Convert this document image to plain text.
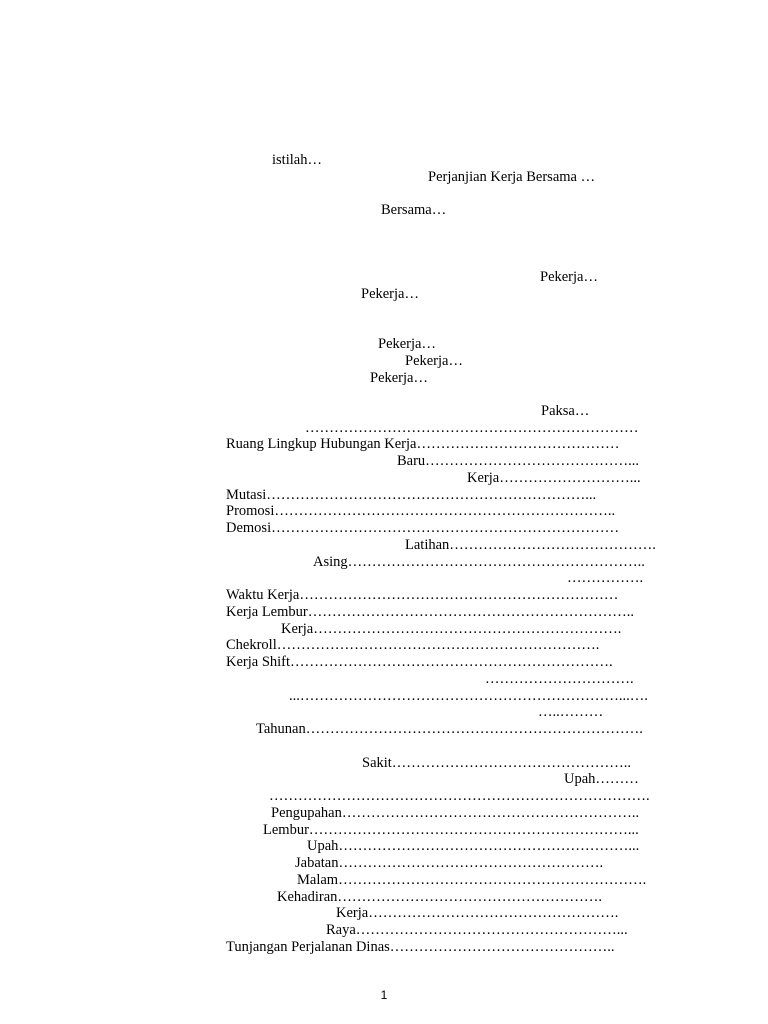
istilah…
Perjanjian Kerja Bersama …
Bersama…
Pekerja…
Pekerja…
Pekerja…
Pekerja…
Pekerja…
Paksa…
……………………………………………………………
Ruang Lingkup Hubungan Kerja……………………………………
Baru……………………………………...
Kerja………………………...
Mutasi…………………………………………………………...
Promosi……………………………………………………………..
Demosi………………………………………………………………
Latihan…………………………………….
Asing……………………………………………………..
…………….
Waktu Kerja…………………………………………………………
Kerja Lembur…………………………………………………………..
Kerja……………………………………………………….
Chekroll………………………………………………………….
Kerja Shift………………………………………………………….
………………………….
...…………………………………………………………...….
…..………
Tahunan…………………………………………………………….
Sakit…………………………………………..
Upah………
…………………………………………………………………….
Pengupahan……………………………………………………..
Lembur…………………………………………………………...
Upah……………………………………………………...
Jabatan……………………………………………….
Malam……………………………………………………….
Kehadiran……………………………………………….
Kerja…………………………………………….
Raya………………………………………………...
Tunjangan Perjalanan Dinas………………………………………..
1
